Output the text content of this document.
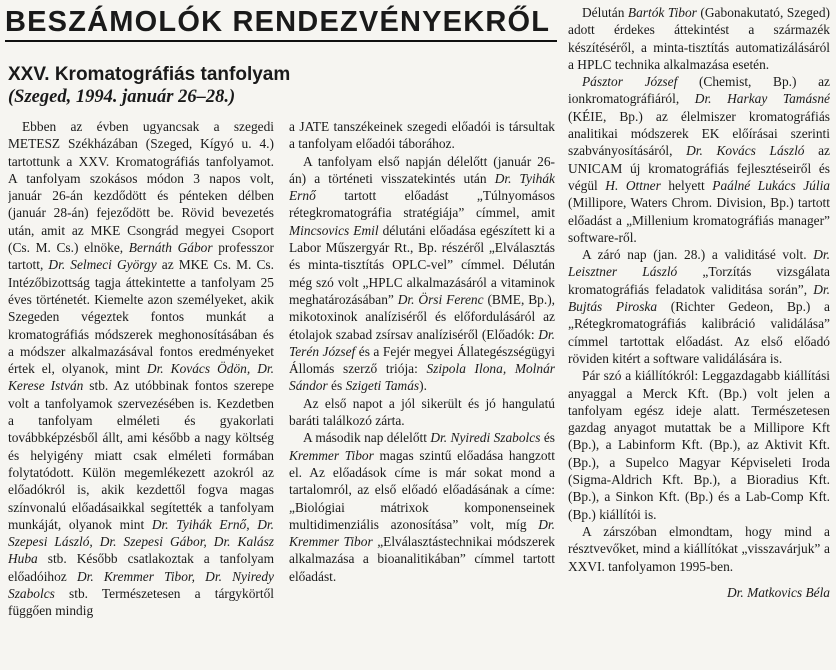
BESZÁMOLÓK RENDEZVÉNYEKRŐL
XXV. Kromatográfiás tanfolyam
(Szeged, 1994. január 26–28.)

Ebben az évben ugyancsak a szegedi METESZ Székházában (Szeged, Kígyó u. 4.) tartottunk a XXV. Kromatográfiás tanfolyamot. A tanfolyam szokásos módon 3 napos volt, január 26-án kezdődött és pénteken délben (január 28-án) fejeződött be. Rövid bevezetés után, amit az MKE Csongrád megyei Csoport (Cs. M. Cs.) elnöke, Bernáth Gábor professzor tartott, Dr. Selmeci György az MKE Cs. M. Cs. Intézőbizottság tagja áttekintette a tanfolyam 25 éves történetét. Kiemelte azon személyeket, akik Szegeden végeztek fontos munkát a kromatográfiás módszerek meghonosításában és a módszer alkalmazásával fontos eredményeket értek el, olyanok, mint Dr. Kovács Ödön, Dr. Kerese István stb. Az utóbbinak fontos szerepe volt a tanfolyamok szervezésében is. Kezdetben a tanfolyam elméleti és gyakorlati továbbképzésből állt, ami később a nagy költség és helyigény miatt csak elméleti formában folytatódott. Külön megemlékezett azokról az előadókról is, akik kezdettől fogva magas színvonalú előadásaikkal segítették a tanfolyam munkáját, olyanok mint Dr. Tyihák Ernő, Dr. Szepesi László, Dr. Szepesi Gábor, Dr. Kalász Huba stb. Később csatlakoztak a tanfolyam előadóihoz Dr. Kremmer Tibor, Dr. Nyiredy Szabolcs stb. Természetesen a tárgykörtől függően mindig

a JATE tanszékeinek szegedi előadói is társultak a tanfolyam előadói táborához.

A tanfolyam első napján délelőtt (január 26-án) a történeti visszatekintés után Dr. Tyihák Ernő tartott előadást „Túlnyomásos rétegkromatográfia stratégiája” címmel, amit Mincsovics Emil délutáni előadása egészített ki a Labor Műszergyár Rt., Bp. részéről „Elválasztás és minta-tisztítás OPLC-vel” címmel. Délután még szó volt „HPLC alkalmazásáról a vitaminok meghatározásában” Dr. Örsi Ferenc (BME, Bp.), mikotoxinok analíziséről és előfordulásáról az étolajok szabad zsírsav analíziséről (Előadók: Dr. Terén József és a Fejér megyei Állategészségügyi Állomás szerző triója: Szipola Ilona, Molnár Sándor és Szigeti Tamás).

Az első napot a jól sikerült és jó hangulatú baráti találkozó zárta.

A második nap délelőtt Dr. Nyiredi Szabolcs és Kremmer Tibor magas szintű előadása hangzott el. Az előadások címe is már sokat mond a tartalomról, az első előadó előadásának a címe: „Biológiai mátrixok komponenseinek multidimenziális azonosítása” volt, míg Dr. Kremmer Tibor „Elválasztástechnikai módszerek alkalmazása a bioanalitikában” címmel tartott előadást.

Délután Bartók Tibor (Gabonakutató, Szeged) adott érdekes áttekintést a származék készítéséről, a minta-tisztítás automatizálásáról a HPLC technika alkalmazása esetén.

Pásztor József (Chemist, Bp.) az ionkromatográfiáról, Dr. Harkay Tamásné (KÉIE, Bp.) az élelmiszer kromatográfiás analitikai módszerek EK előírásai szerinti szabványosításáról, Dr. Kovács László az UNICAM új kromatográfiás fejlesztéseiről és végül H. Ottner helyett Paálné Lukács Júlia (Millipore, Waters Chrom. Division, Bp.) tartott előadást a „Millenium kromatográfiás manager” software-ről.

A záró nap (jan. 28.) a validitásé volt. Dr. Leisztner László „Torzítás vizsgálata kromatográfiás feladatok validitása során”, Dr. Bujtás Piroska (Richter Gedeon, Bp.) a „Rétegkromatográfiás kalibráció validálása” címmel tartottak előadást. Az első előadó röviden kitért a software validálására is.

Pár szó a kiállítókról: Leggazdagabb kiállítási anyaggal a Merck Kft. (Bp.) volt jelen a tanfolyam egész ideje alatt. Természetesen gazdag anyagot mutattak be a Millipore Kft (Bp.), a Labinform Kft. (Bp.), az Aktivit Kft. (Bp.), a Supelco Magyar Képviseleti Iroda (Sigma-Aldrich Kft. Bp.), a Bioradius Kft. (Bp.), a Sinkon Kft. (Bp.) és a Lab-Comp Kft. (Bp.) kiállítói is.

A zárszóban elmondtam, hogy mind a résztvevőket, mind a kiállítókat „visszavárjuk” a XXVI. tanfolyamon 1995-ben.

Dr. Matkovics Béla
